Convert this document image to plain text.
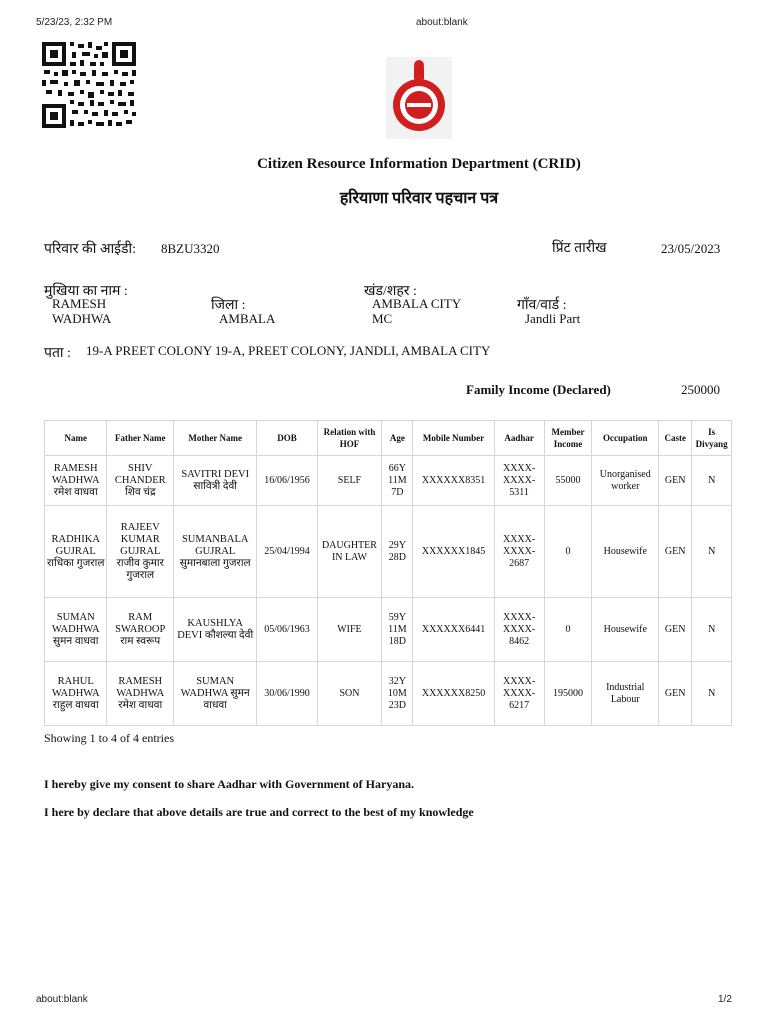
5/23/23, 2:32 PM	about:blank
Citizen Resource Information Department (CRID)
हरियाणा परिवार पहचान पत्र
परिवार की आईडी: 8BZU3320	प्रिंट तारीख	23/05/2023
मुखिया का नाम :
RAMESH
WADHWA
जिला :
AMBALA
खंड/शहर :
AMBALA CITY
MC
गाँव/वार्ड :
Jandli Part
पता : 19-A PREET COLONY 19-A, PREET COLONY, JANDLI, AMBALA CITY
Family Income (Declared)	250000
Name	Father Name	Mother Name	DOB	Relation with HOF	Age	Mobile Number	Aadhar	Member Income	Occupation	Caste	Is Divyang
RAMESH WADHWA रमेश वाधवा	SHIV CHANDER शिव चंद्र	SAVITRI DEVI सावित्री देवी	16/06/1956	SELF	66Y 11M 7D	XXXXXX8351	XXXX-XXXX-5311	55000	Unorganised worker	GEN	N
RADHIKA GUJRAL राधिका गुजराल	RAJEEV KUMAR GUJRAL राजीव कुमार गुजराल	SUMANBALA GUJRAL सुमानबाला गुजराल	25/04/1994	DAUGHTER IN LAW	29Y 28D	XXXXXX1845	XXXX-XXXX-2687	0	Housewife	GEN	N
SUMAN WADHWA सुमन वाधवा	RAM SWAROOP राम स्वरूप	KAUSHLYA DEVI कौशल्या देवी	05/06/1963	WIFE	59Y 11M 18D	XXXXXX6441	XXXX-XXXX-8462	0	Housewife	GEN	N
RAHUL WADHWA राहुल वाधवा	RAMESH WADHWA रमेश वाधवा	SUMAN WADHWA सुमन वाधवा	30/06/1990	SON	32Y 10M 23D	XXXXXX8250	XXXX-XXXX-6217	195000	Industrial Labour	GEN	N
Showing 1 to 4 of 4 entries
I hereby give my consent to share Aadhar with Government of Haryana.
I here by declare that above details are true and correct to the best of my knowledge
about:blank	1/2
